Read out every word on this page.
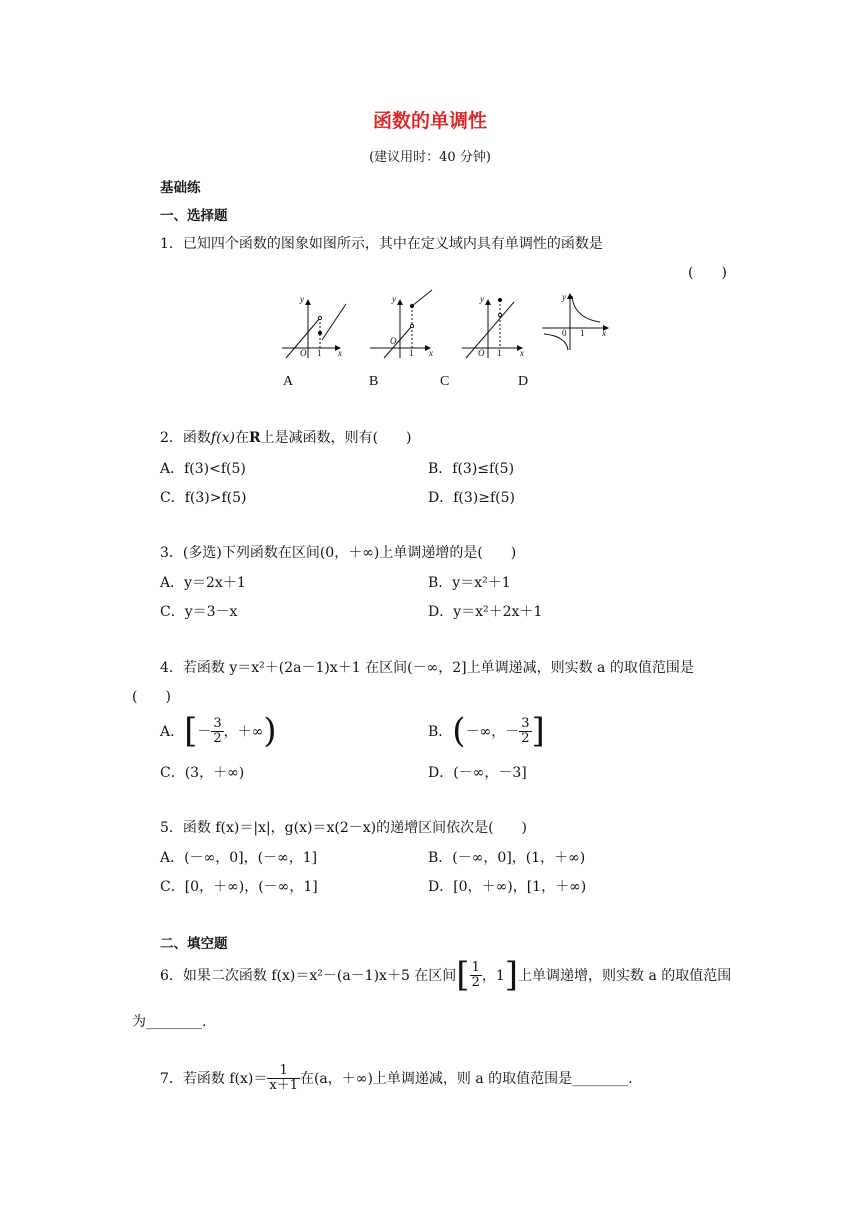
函数的单调性
(建议用时：40 分钟)
基础练
一、选择题
1．已知四个函数的图象如图所示，其中在定义域内具有单调性的函数是
(　　)
y
x
O
y
x
O
y
x
O
y
x
1	1	1
0 1
A	B	C	D
2．函数f(x)在R上是减函数，则有(　　)
A．f(3)<f(5)	B．f(3)≤f(5)
C．f(3)>f(5)	D．f(3)≥f(5)
3．(多选)下列函数在区间(0，＋∞)上单调递增的是(　　)
A．y＝2x＋1	B．y＝x²＋1
C．y＝3－x	D．y＝x²＋2x＋1
4．若函数 y＝x²＋(2a－1)x＋1 在区间(－∞，2]上单调递减，则实数 a 的取值范围是
(　　)
A．[－ $\frac{3}{2}$ ，＋∞)	B．(－∞，－ $\frac{3}{2}$ ]
C．(3，＋∞)	D．(－∞，－3]
5．函数 f(x)＝|x|，g(x)＝x(2－x)的递增区间依次是(　　)
A．(－∞，0]，(－∞，1]	B．(－∞，0]，(1，＋∞)
C．[0，＋∞)，(－∞，1]	D．[0，＋∞)，[1，＋∞)
二、填空题
6．如果二次函数 f(x)＝x²－(a－1)x＋5 在区间[ $\frac{1}{2}$ ，1]上单调递增，则实数 a 的取值范围
为________.
7．若函数 $f(x)= \frac{1}{x+1}$ 在(a，＋∞)上单调递减，则 a 的取值范围是________.
